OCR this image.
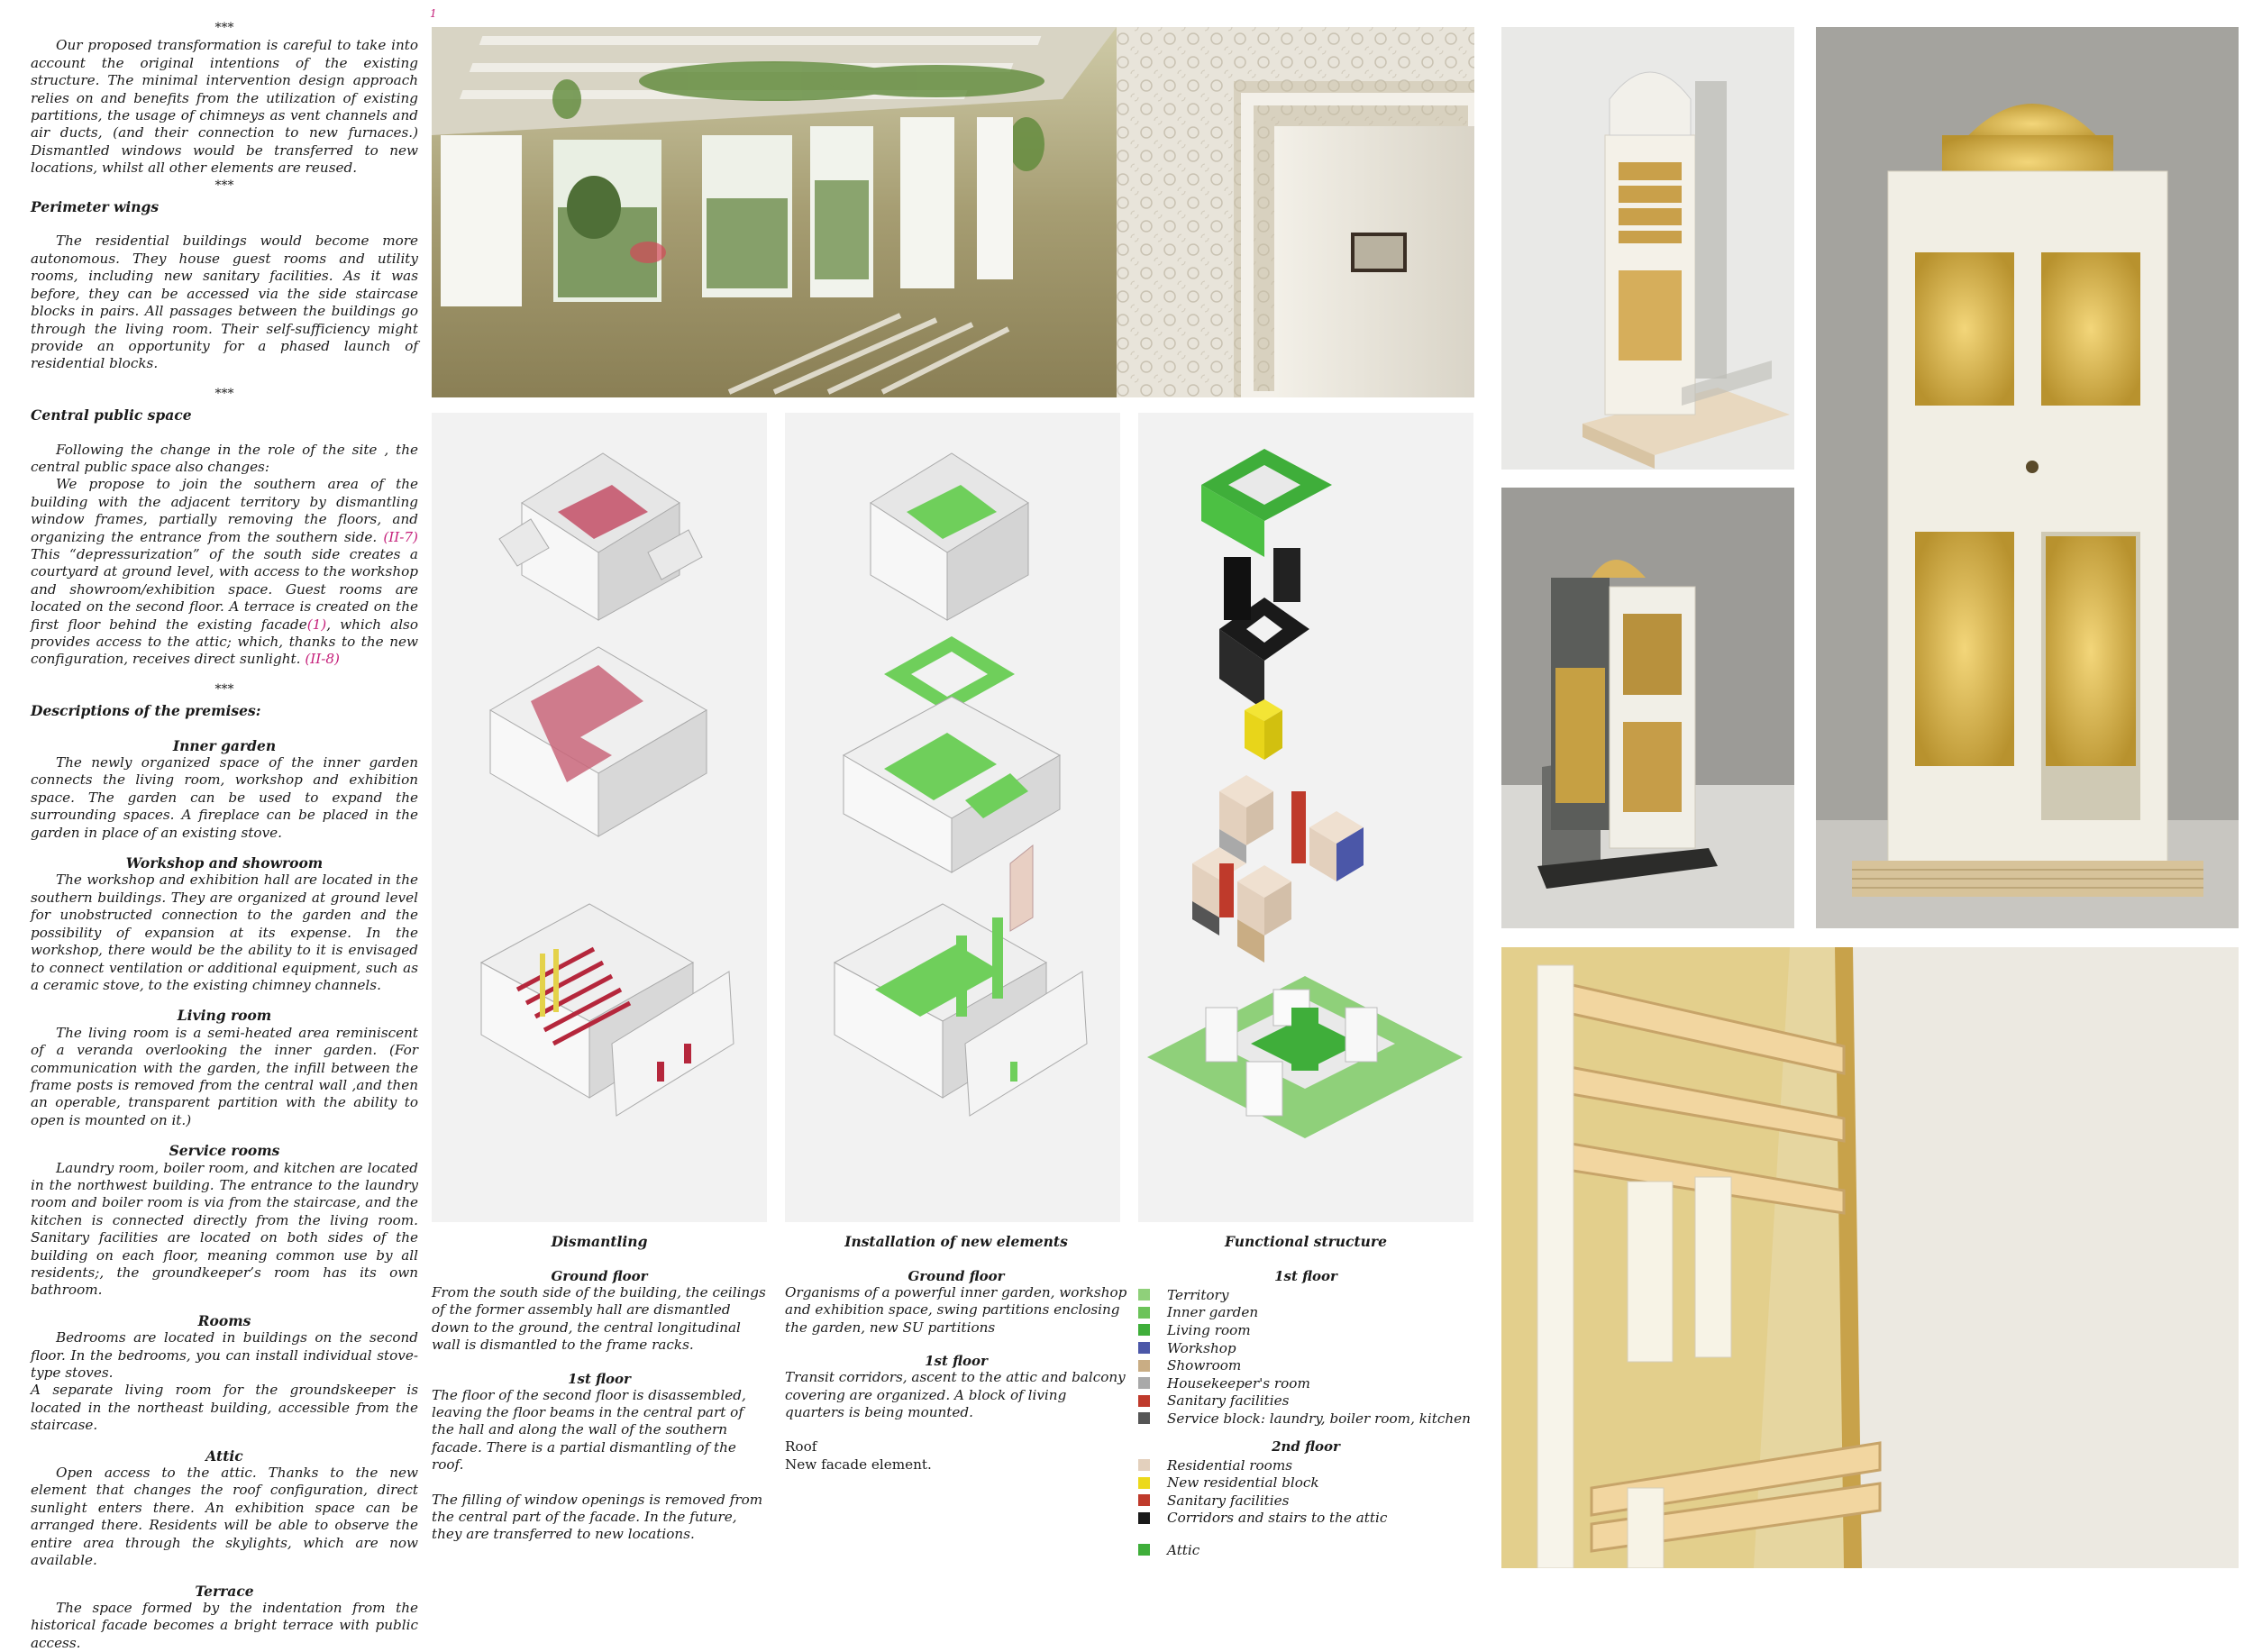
***

Our proposed transformation is careful to take into account the original intentions of the existing structure. The minimal intervention design approach relies on and benefits from the utilization of existing partitions, the usage of chimneys as vent channels and air ducts, (and their connection to new furnaces.) Dismantled windows would be transferred to new locations, whilst all other elements are reused.

***

Perimeter wings

The residential buildings would become more autonomous. They house guest rooms and utility rooms, including new sanitary facilities. As it was before, they can be accessed via the side staircase blocks in pairs. All passages between the buildings go through the living room. Their self-sufficiency might provide an opportunity for a phased launch of residential blocks.

***

Central public space

Following the change in the role of the site , the central public space also changes:

We propose to join the southern area of the building with the adjacent territory by dismantling window frames, partially removing the floors, and organizing the entrance from the southern side. (II-7) This “depressurization” of the south side creates a courtyard at ground level, with access to the workshop and showroom/exhibition space. Guest rooms are located on the second floor. A terrace is created on the first floor behind the existing facade(1), which also provides access to the attic; which, thanks to the new configuration, receives direct sunlight. (II-8)

***

Descriptions of the premises:

Inner garden

The newly organized space of the inner garden connects the living room, workshop and exhibition space. The garden can be used to expand the surrounding spaces. A fireplace can be placed in the garden in place of an existing stove.

Workshop and showroom

The workshop and exhibition hall are located in the southern buildings. They are organized at ground level for unobstructed connection to the garden and the possibility of expansion at its expense. In the workshop, there would be the ability to it is envisaged to connect ventilation or additional equipment, such as a ceramic stove, to the existing chimney channels.

Living room

The living room is a semi-heated area reminiscent of a veranda overlooking the inner garden. (For communication with the garden, the infill between the frame posts is removed from the central wall ,and then an operable, transparent partition with the ability to open is mounted on it.)

Service rooms

Laundry room, boiler room, and kitchen are located in the northwest building. The entrance to the laundry room and boiler room is via from the staircase, and the kitchen is connected directly from the living room. Sanitary facilities are located on both sides of the building on each floor, meaning common use by all residents;, the groundkeeper’s room has its own bathroom.

Rooms

Bedrooms are located in buildings on the second floor. In the bedrooms, you can install individual stove-type stoves.

A separate living room for the groundskeeper is located in the northeast building, accessible from the staircase.

Attic

Open access to the attic. Thanks to the new element that changes the roof configuration, direct sunlight enters there. An exhibition space can be arranged there. Residents will be able to observe the entire area through the skylights, which are now available.

Terrace

The space formed by the indentation from the historical facade becomes a bright terrace with public access.

1
Dismantling

Ground floor

From the south side of the building, the ceilings of the former assembly hall are dismantled down to the ground, the central longitudinal wall is dismantled to the frame racks.

1st floor

The floor of the second floor is disassembled, leaving the floor beams in the central part of the hall and along the wall of the southern facade. There is a partial dismantling of the roof.

The filling of window openings is removed from the central part of the facade. In the future, they are transferred to new locations.

Installation of new elements

Ground floor

Organisms of a powerful inner garden, workshop and exhibition space, swing partitions enclosing the garden, new SU partitions

1st floor

Transit corridors, ascent to the attic and balcony covering are organized. A block of living quarters is being mounted.

Roof

New facade element.

Functional structure

1st floor

Territory
Inner garden
Living room
Workshop
Showroom
Housekeeper's room
Sanitary facilities
Service block: laundry, boiler room, kitchen

2nd floor

Residential rooms
New residential block
Sanitary facilities
Corridors and stairs to the attic
Attic
